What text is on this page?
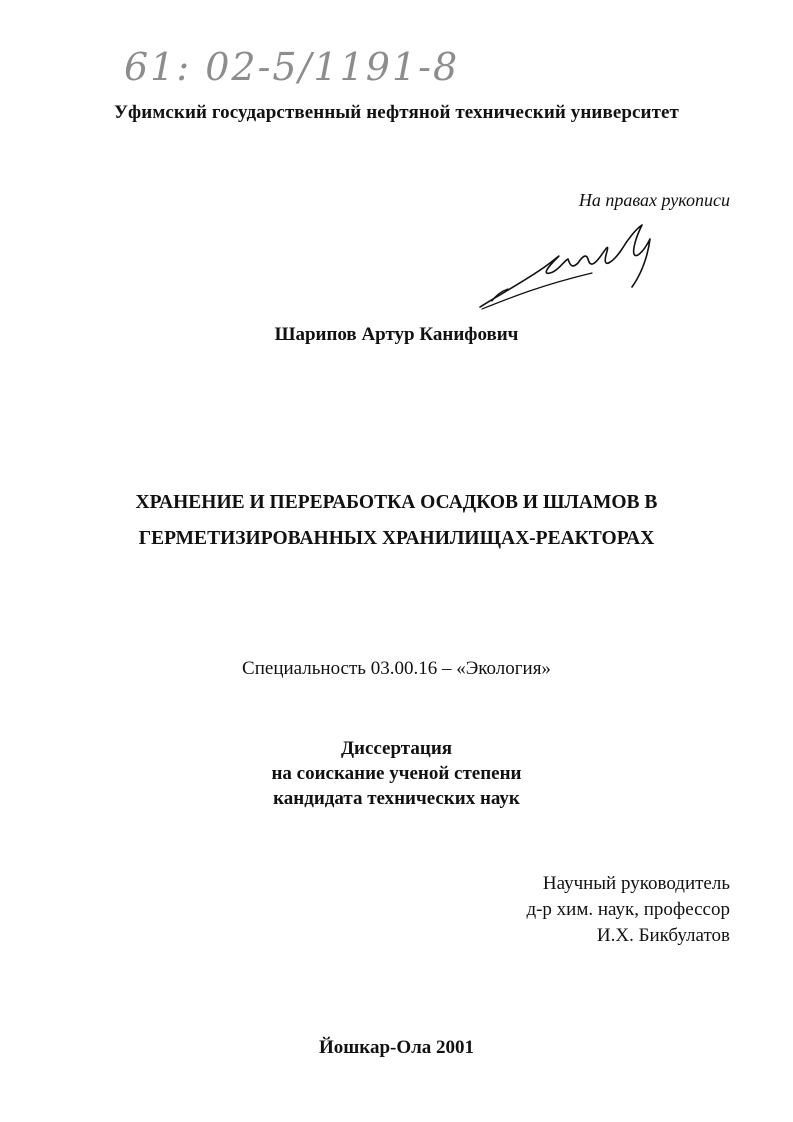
61: 02-5/1191-8
Уфимский государственный нефтяной технический университет
На правах рукописи
Шарипов Артур Канифович
ХРАНЕНИЕ И ПЕРЕРАБОТКА ОСАДКОВ И ШЛАМОВ В
ГЕРМЕТИЗИРОВАННЫХ ХРАНИЛИЩАХ-РЕАКТОРАХ
Специальность 03.00.16 – «Экология»
Диссертация
на соискание ученой степени
кандидата технических наук
Научный руководитель
д-р хим. наук, профессор
И.Х. Бикбулатов
Йошкар-Ола 2001
